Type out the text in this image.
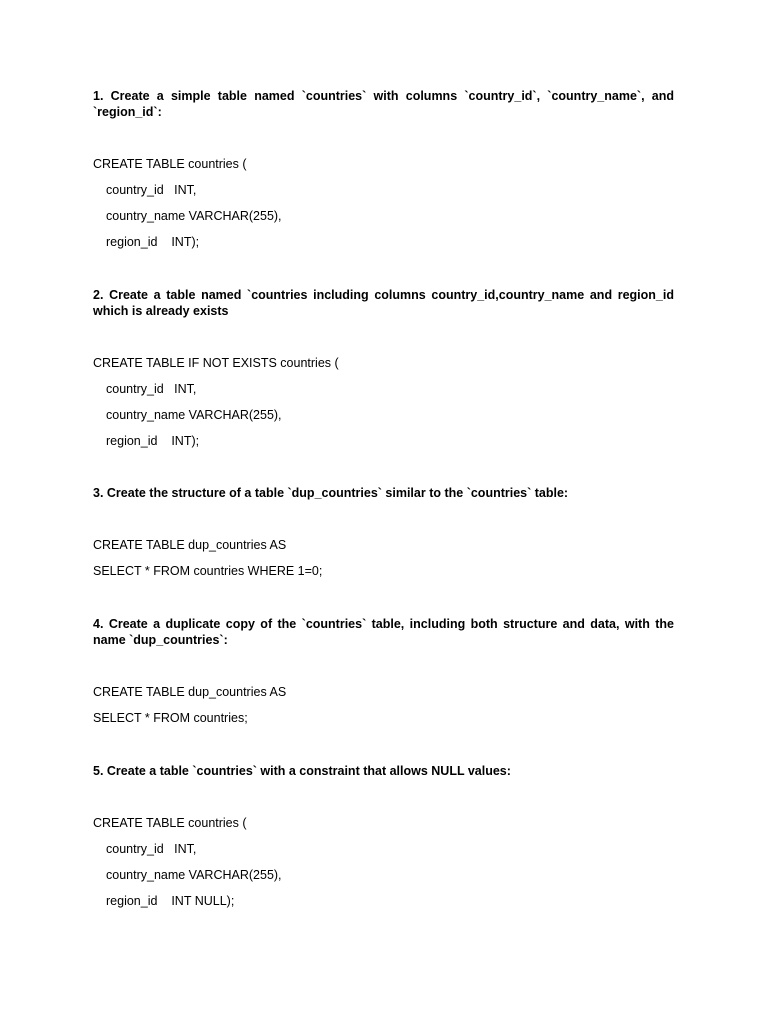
1. Create a simple table named `countries` with columns `country_id`, `country_name`, and `region_id`:

CREATE TABLE countries (
country_id   INT,
country_name VARCHAR(255),
region_id    INT);

2. Create a table named `countries including columns country_id,country_name and region_id which is already exists

CREATE TABLE IF NOT EXISTS countries (
country_id   INT,
country_name VARCHAR(255),
region_id    INT);

3. Create the structure of a table `dup_countries` similar to the `countries` table:

CREATE TABLE dup_countries AS
SELECT * FROM countries WHERE 1=0;

4. Create a duplicate copy of the `countries` table, including both structure and data, with the name `dup_countries`:

CREATE TABLE dup_countries AS
SELECT * FROM countries;

5. Create a table `countries` with a constraint that allows NULL values:

CREATE TABLE countries (
country_id   INT,
country_name VARCHAR(255),
region_id    INT NULL);
